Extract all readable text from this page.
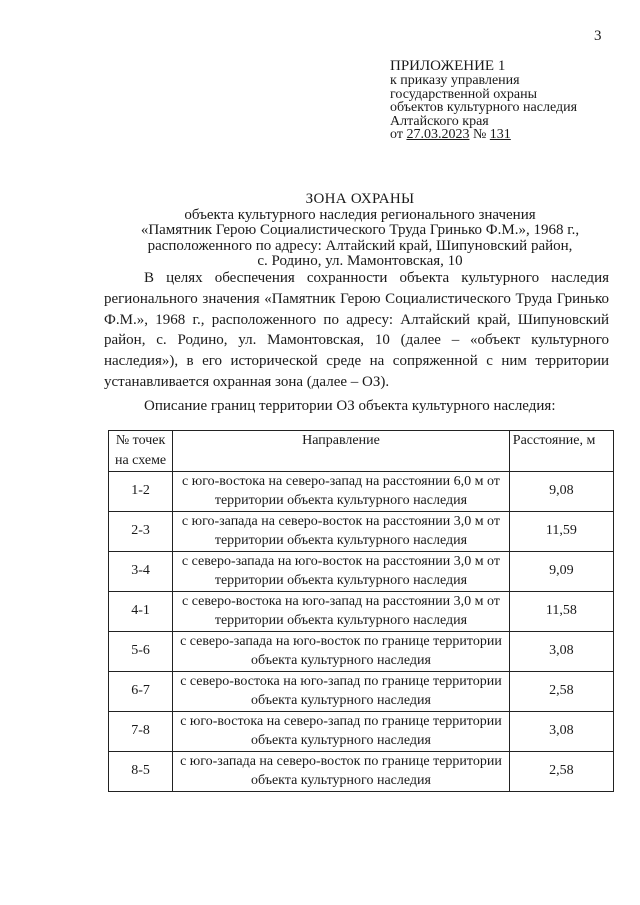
3
ПРИЛОЖЕНИЕ 1
к приказу управления
государственной охраны
объектов культурного наследия
Алтайского края
от 27.03.2023 № 131
ЗОНА ОХРАНЫ
объекта культурного наследия регионального значения
«Памятник Герою Социалистического Труда Гринько Ф.М.», 1968 г.,
расположенного по адресу: Алтайский край, Шипуновский район,
с. Родино, ул. Мамонтовская, 10
В целях обеспечения сохранности объекта культурного наследия регионального значения «Памятник Герою Социалистического Труда Гринько Ф.М.», 1968 г., расположенного по адресу: Алтайский край, Шипуновский район, с. Родино, ул. Мамонтовская, 10 (далее – «объект культурного наследия»), в его исторической среде на сопряженной с ним территории устанавливается охранная зона (далее – ОЗ).
Описание границ территории ОЗ объекта культурного наследия:
№ точек на схеме	Направление	Расстояние, м
1-2	с юго-востока на северо-запад на расстоянии 6,0 м от территории объекта культурного наследия	9,08
2-3	с юго-запада на северо-восток на расстоянии 3,0 м от территории объекта культурного наследия	11,59
3-4	с северо-запада на юго-восток на расстоянии 3,0 м от территории объекта культурного наследия	9,09
4-1	с северо-востока на юго-запад на расстоянии 3,0 м от территории объекта культурного наследия	11,58
5-6	с северо-запада на юго-восток по границе территории объекта культурного наследия	3,08
6-7	с северо-востока на юго-запад по границе территории объекта культурного наследия	2,58
7-8	с юго-востока на северо-запад по границе территории объекта культурного наследия	3,08
8-5	с юго-запада на северо-восток по границе территории объекта культурного наследия	2,58
